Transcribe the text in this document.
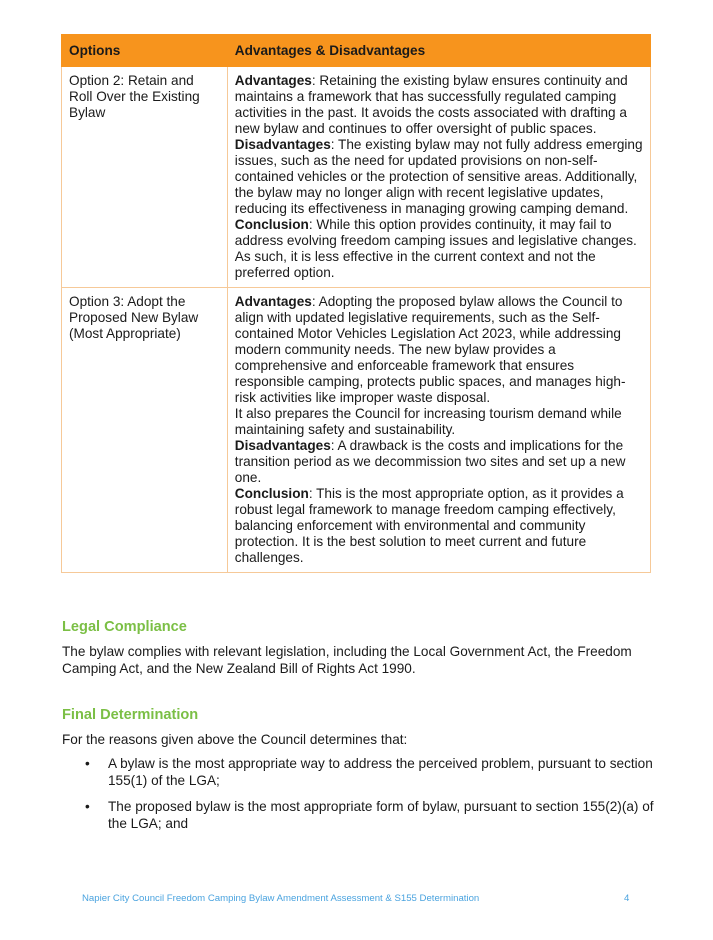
Options	Advantages & Disadvantages
Option 2: Retain and Roll Over the Existing Bylaw	Advantages: Retaining the existing bylaw ensures continuity and maintains a framework that has successfully regulated camping activities in the past. It avoids the costs associated with drafting a new bylaw and continues to offer oversight of public spaces.
Disadvantages: The existing bylaw may not fully address emerging issues, such as the need for updated provisions on non-self-contained vehicles or the protection of sensitive areas. Additionally, the bylaw may no longer align with recent legislative updates, reducing its effectiveness in managing growing camping demand.
Conclusion: While this option provides continuity, it may fail to address evolving freedom camping issues and legislative changes. As such, it is less effective in the current context and not the preferred option.

Option 3: Adopt the Proposed New Bylaw (Most Appropriate)	Advantages: Adopting the proposed bylaw allows the Council to align with updated legislative requirements, such as the Self-contained Motor Vehicles Legislation Act 2023, while addressing modern community needs. The new bylaw provides a comprehensive and enforceable framework that ensures responsible camping, protects public spaces, and manages high-risk activities like improper waste disposal.
It also prepares the Council for increasing tourism demand while maintaining safety and sustainability.
Disadvantages: A drawback is the costs and implications for the transition period as we decommission two sites and set up a new one.
Conclusion: This is the most appropriate option, as it provides a robust legal framework to manage freedom camping effectively, balancing enforcement with environmental and community protection. It is the best solution to meet current and future challenges.
Legal Compliance

The bylaw complies with relevant legislation, including the Local Government Act, the Freedom Camping Act, and the New Zealand Bill of Rights Act 1990.

Final Determination

For the reasons given above the Council determines that:

• A bylaw is the most appropriate way to address the perceived problem, pursuant to section 155(1) of the LGA;
• The proposed bylaw is the most appropriate form of bylaw, pursuant to section 155(2)(a) of the LGA; and
Napier City Council Freedom Camping Bylaw Amendment Assessment & S155 Determination	4
